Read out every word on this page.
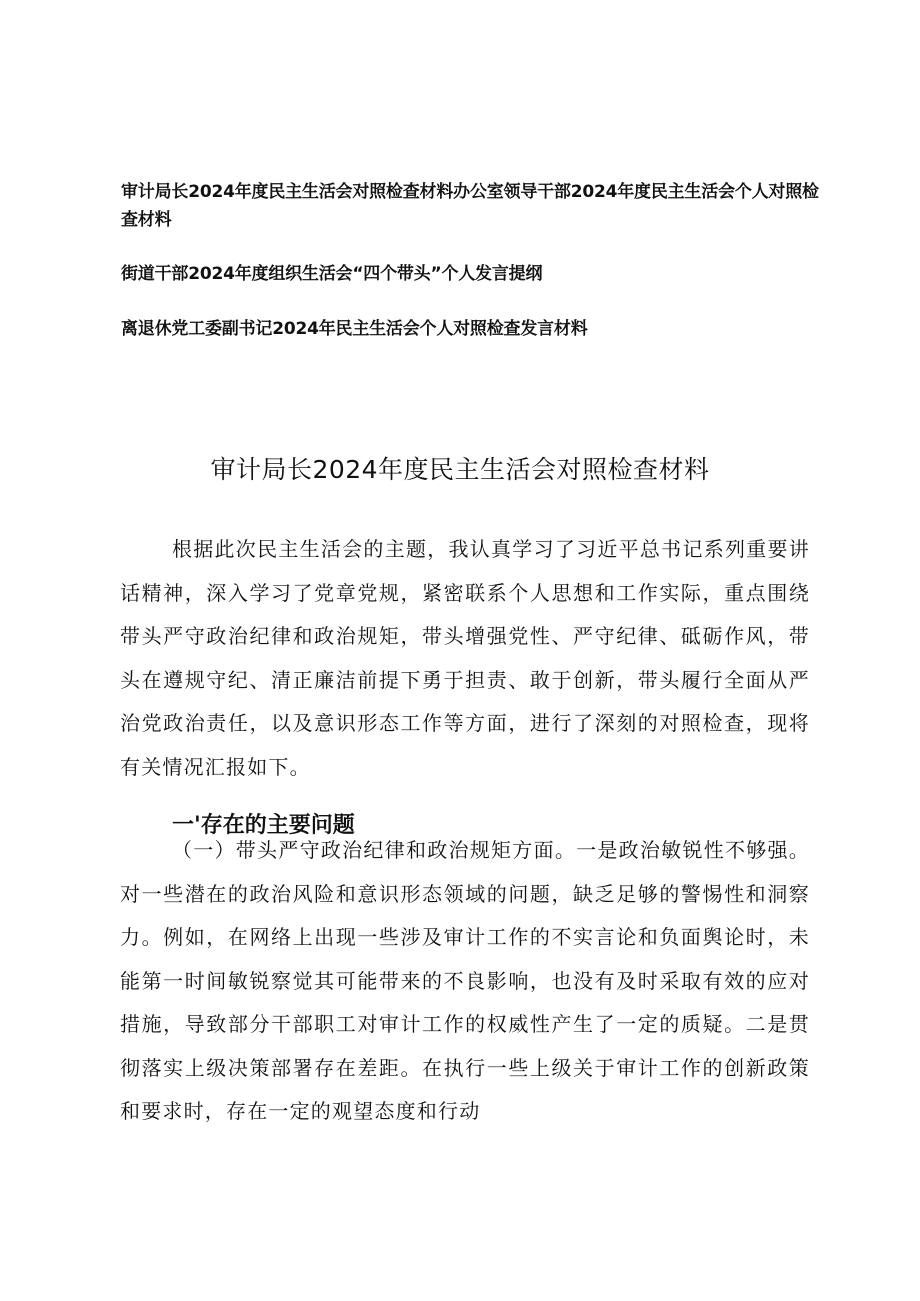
审计局长2024年度民主生活会对照检查材料办公室领导干部2024年度民主生活会个人对照检查材料

街道干部2024年度组织生活会“四个带头”个人发言提纲

离退休党工委副书记2024年民主生活会个人对照检查发言材料

审计局长2024年度民主生活会对照检查材料

根据此次民主生活会的主题，我认真学习了习近平总书记系列重要讲话精神，深入学习了党章党规，紧密联系个人思想和工作实际，重点围绕带头严守政治纪律和政治规矩，带头增强党性、严守纪律、砥砺作风，带头在遵规守纪、清正廉洁前提下勇于担责、敢于创新，带头履行全面从严治党政治责任，以及意识形态工作等方面，进行了深刻的对照检查，现将有关情况汇报如下。

一'存在的主要问题

（一）带头严守政治纪律和政治规矩方面。一是政治敏锐性不够强。对一些潜在的政治风险和意识形态领域的问题，缺乏足够的警惕性和洞察力。例如，在网络上出现一些涉及审计工作的不实言论和负面舆论时，未能第一时间敏锐察觉其可能带来的不良影响，也没有及时采取有效的应对措施，导致部分干部职工对审计工作的权威性产生了一定的质疑。二是贯彻落实上级决策部署存在差距。在执行一些上级关于审计工作的创新政策和要求时，存在一定的观望态度和行动
